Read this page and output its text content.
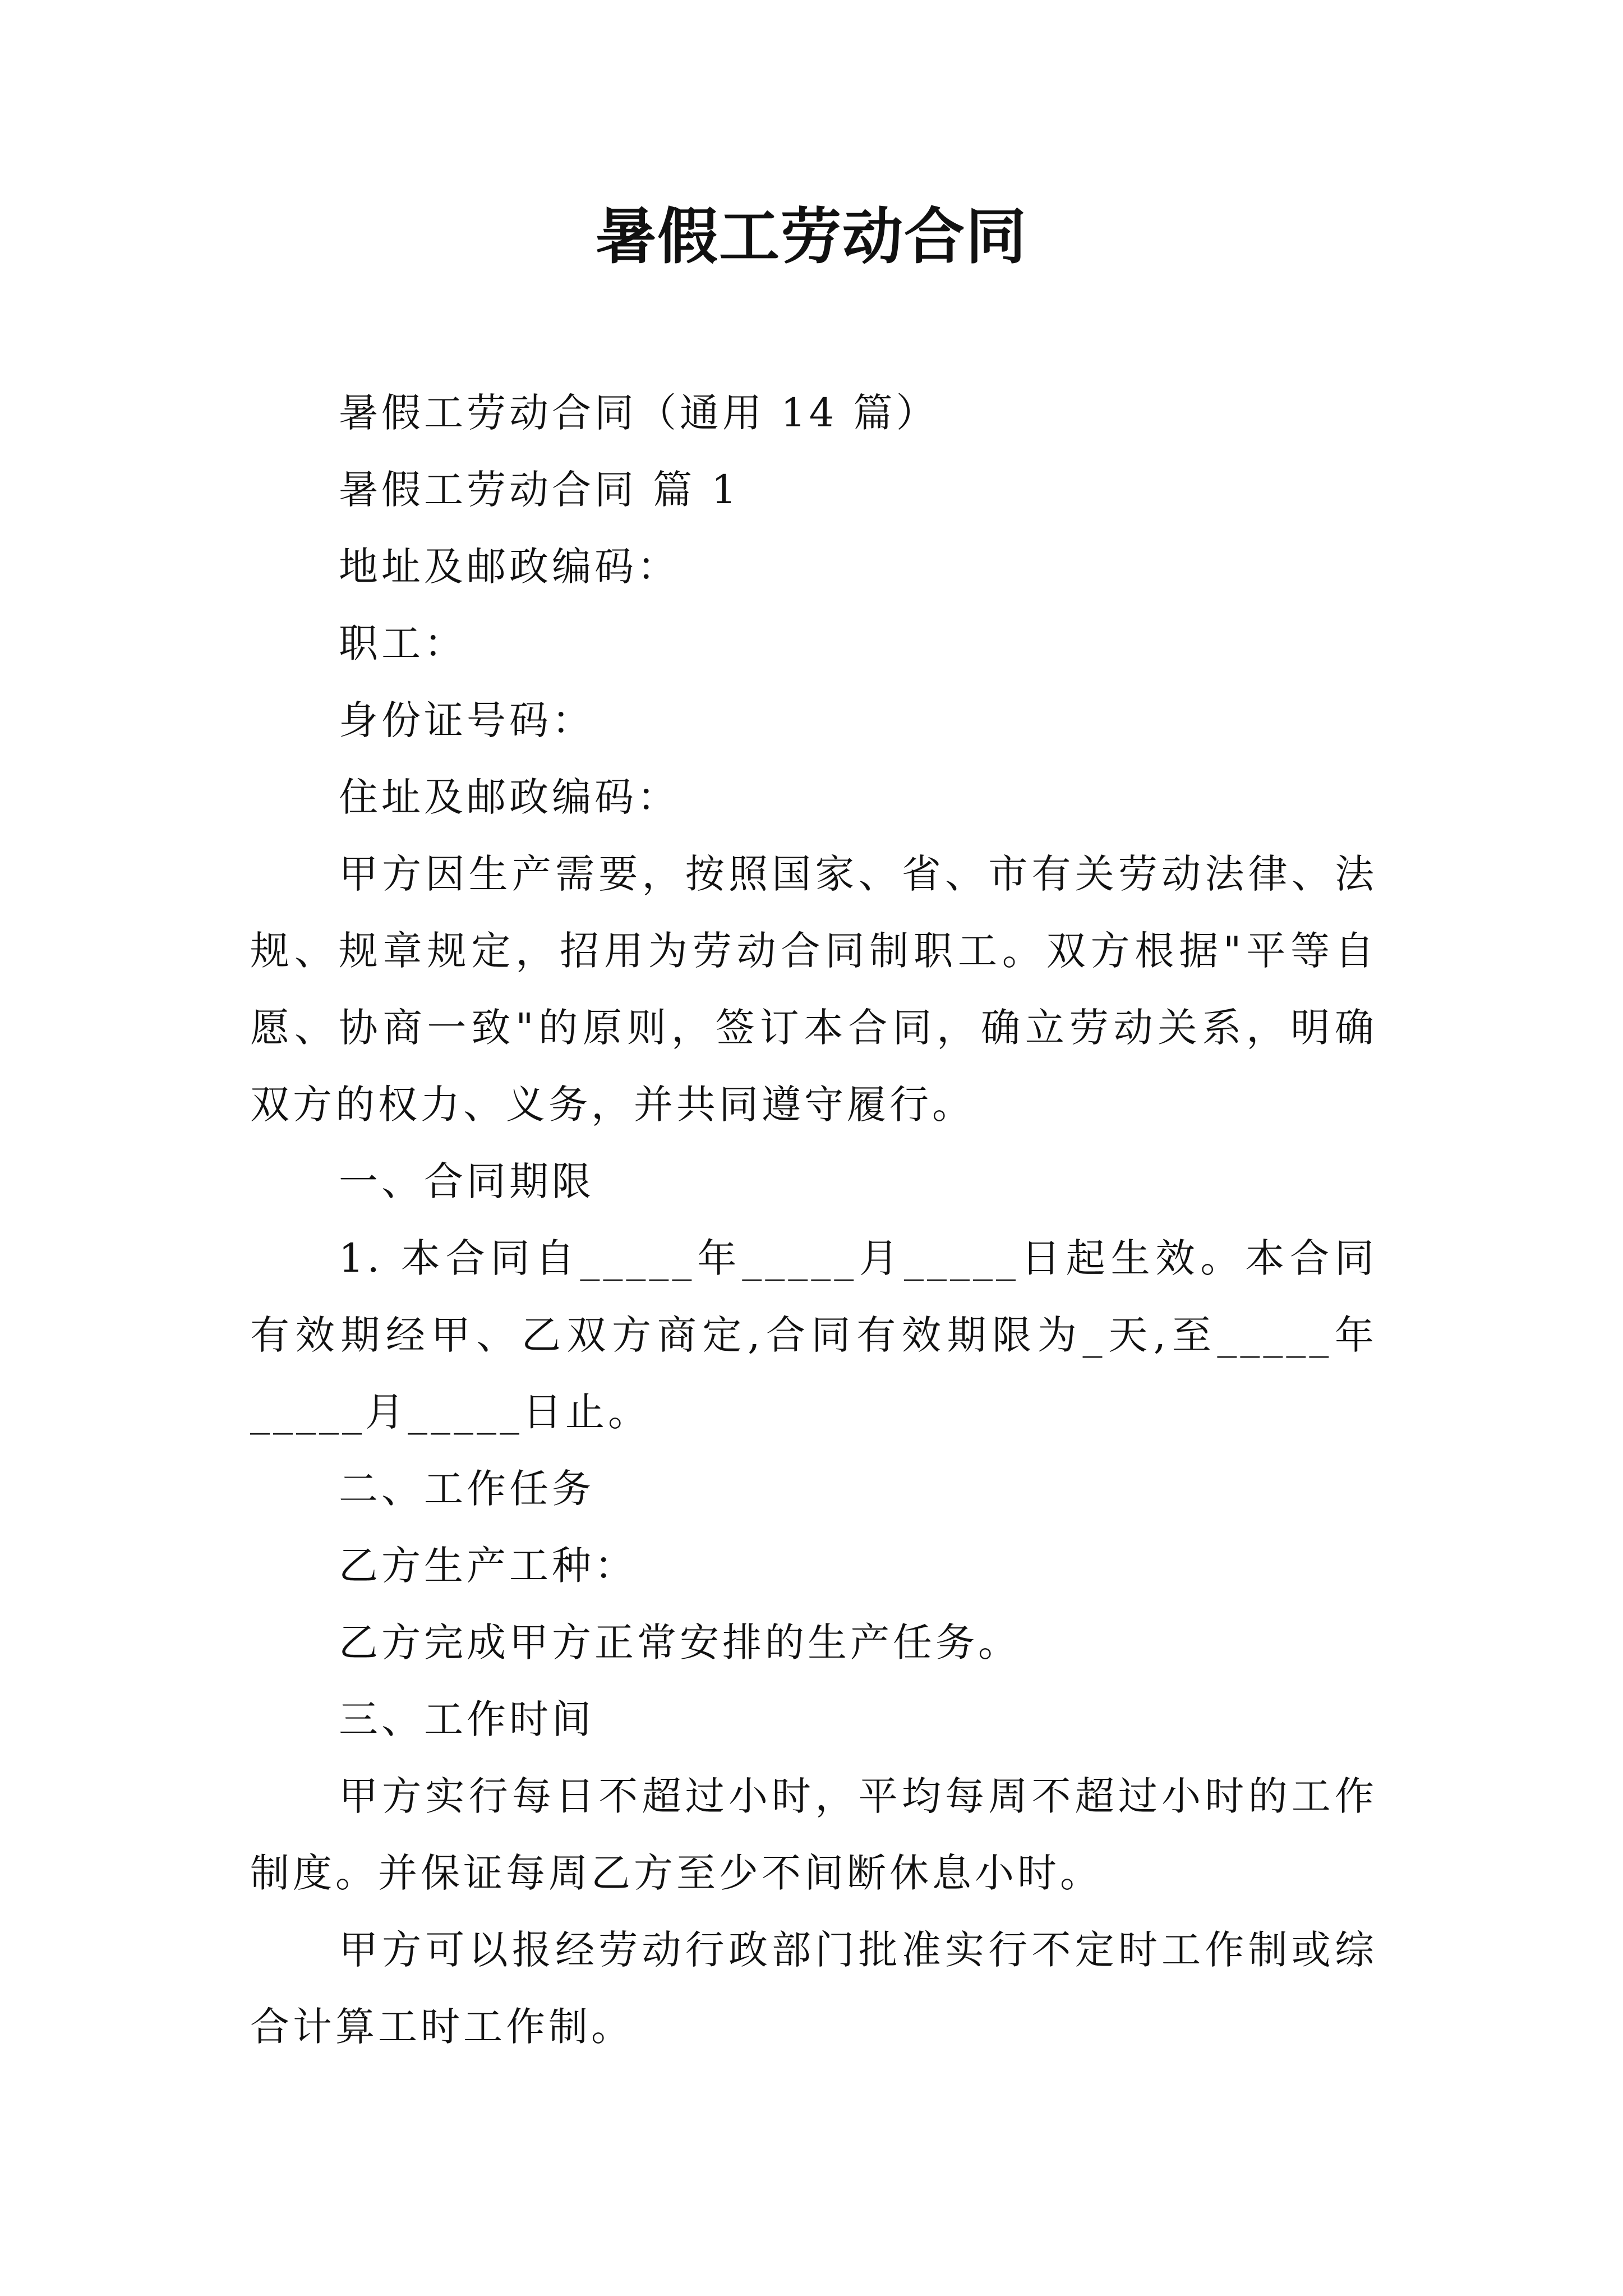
暑假工劳动合同

暑假工劳动合同（通用 14 篇）

暑假工劳动合同 篇 1

地址及邮政编码：

职工：

身份证号码：

住址及邮政编码：

甲方因生产需要，按照国家、省、市有关劳动法律、法规、规章规定，招用为劳动合同制职工。双方根据"平等自愿、协商一致"的原则，签订本合同，确立劳动关系，明确双方的权力、义务，并共同遵守履行。

一、合同期限

1. 本合同自_____年_____月_____日起生效。本合同有效期经甲、乙双方商定,合同有效期限为_天,至_____年_____月_____日止。

二、工作任务

乙方生产工种：

乙方完成甲方正常安排的生产任务。

三、工作时间

甲方实行每日不超过小时，平均每周不超过小时的工作制度。并保证每周乙方至少不间断休息小时。

甲方可以报经劳动行政部门批准实行不定时工作制或综合计算工时工作制。
